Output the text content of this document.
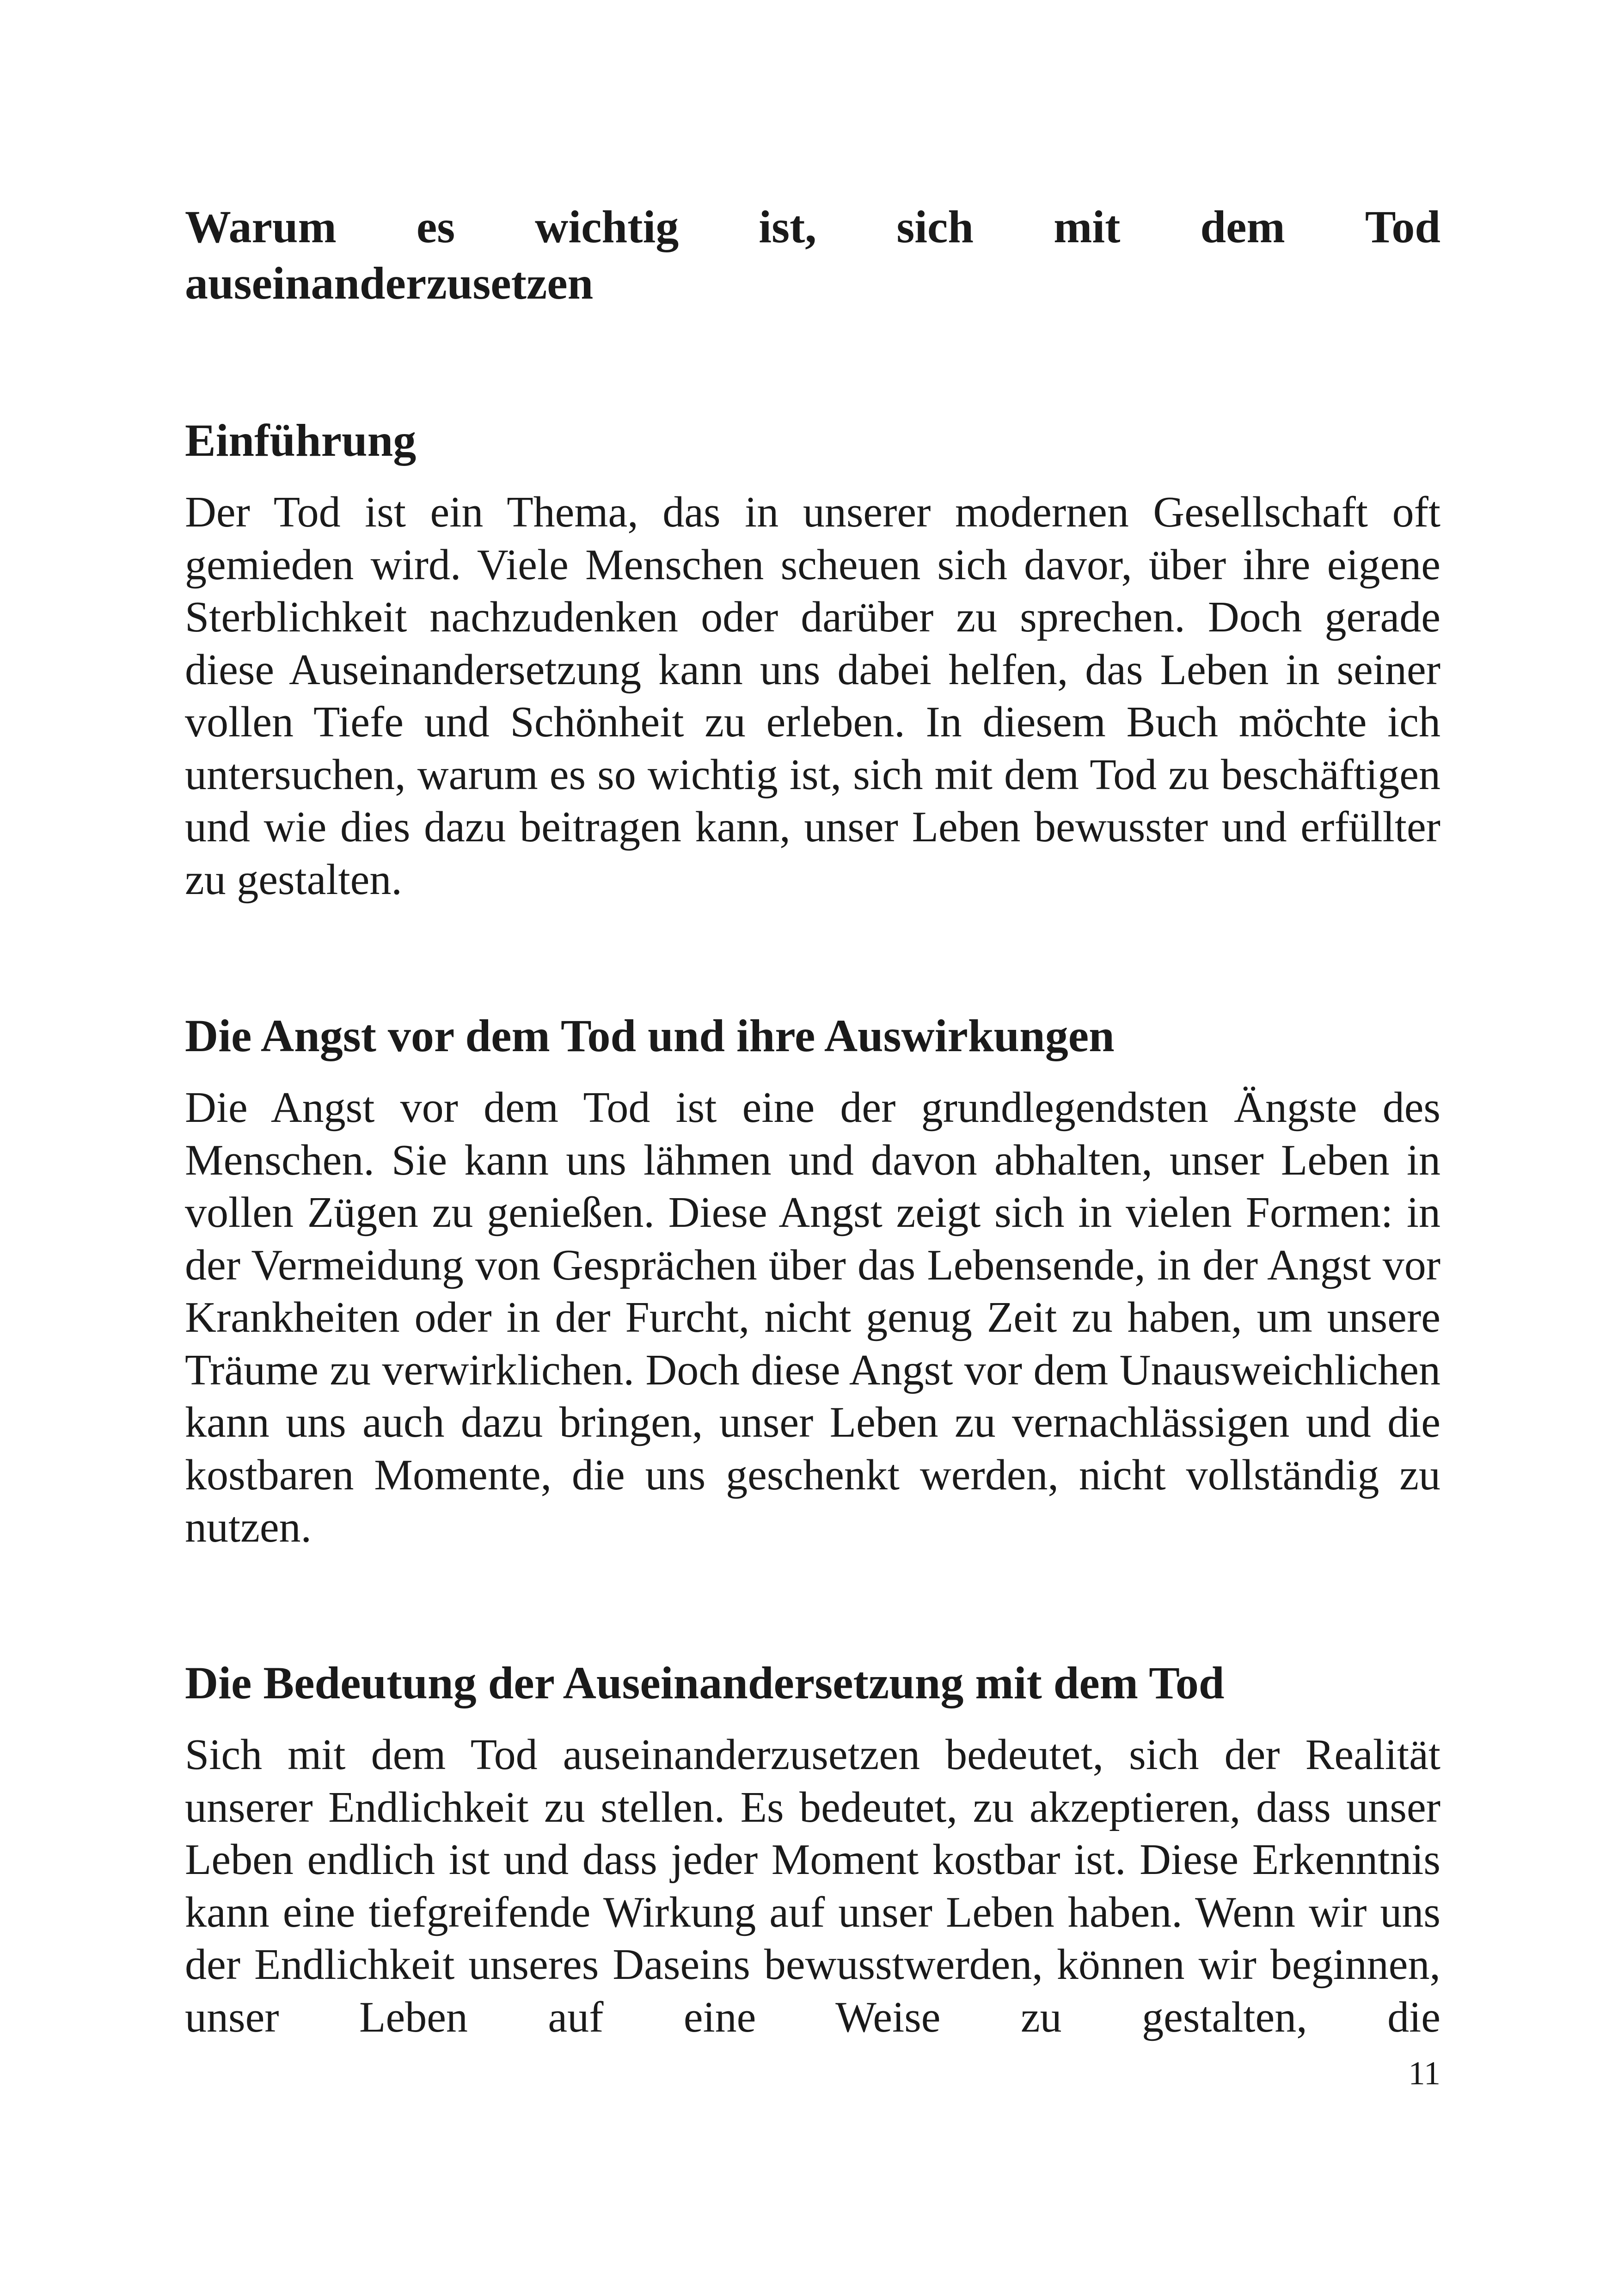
Warum es wichtig ist, sich mit dem Tod
auseinanderzusetzen
Einführung

Der Tod ist ein Thema, das in unserer modernen Gesellschaft oft gemieden wird. Viele Menschen scheuen sich davor, über ihre eigene Sterblichkeit nachzudenken oder darüber zu sprechen. Doch gerade diese Auseinandersetzung kann uns dabei helfen, das Leben in seiner vollen Tiefe und Schönheit zu erleben. In diesem Buch möchte ich untersuchen, warum es so wichtig ist, sich mit dem Tod zu beschäftigen und wie dies dazu beitragen kann, unser Leben bewusster und erfüllter zu gestalten.

Die Angst vor dem Tod und ihre Auswirkungen

Die Angst vor dem Tod ist eine der grundlegendsten Ängste des Menschen. Sie kann uns lähmen und davon abhalten, unser Leben in vollen Zügen zu genießen. Diese Angst zeigt sich in vielen Formen: in der Vermeidung von Gesprächen über das Lebensende, in der Angst vor Krankheiten oder in der Furcht, nicht genug Zeit zu haben, um unsere Träume zu verwirklichen. Doch diese Angst vor dem Unausweichlichen kann uns auch dazu bringen, unser Leben zu vernachlässigen und die kostbaren Momente, die uns geschenkt werden, nicht vollständig zu nutzen.

Die Bedeutung der Auseinandersetzung mit dem Tod

Sich mit dem Tod auseinanderzusetzen bedeutet, sich der Realität unserer Endlichkeit zu stellen. Es bedeutet, zu akzeptieren, dass unser Leben endlich ist und dass jeder Moment kostbar ist. Diese Erkenntnis kann eine tiefgreifende Wirkung auf unser Leben haben. Wenn wir uns der Endlichkeit unseres Daseins bewusstwerden, können wir beginnen, unser Leben auf eine Weise zu gestalten, die

11
